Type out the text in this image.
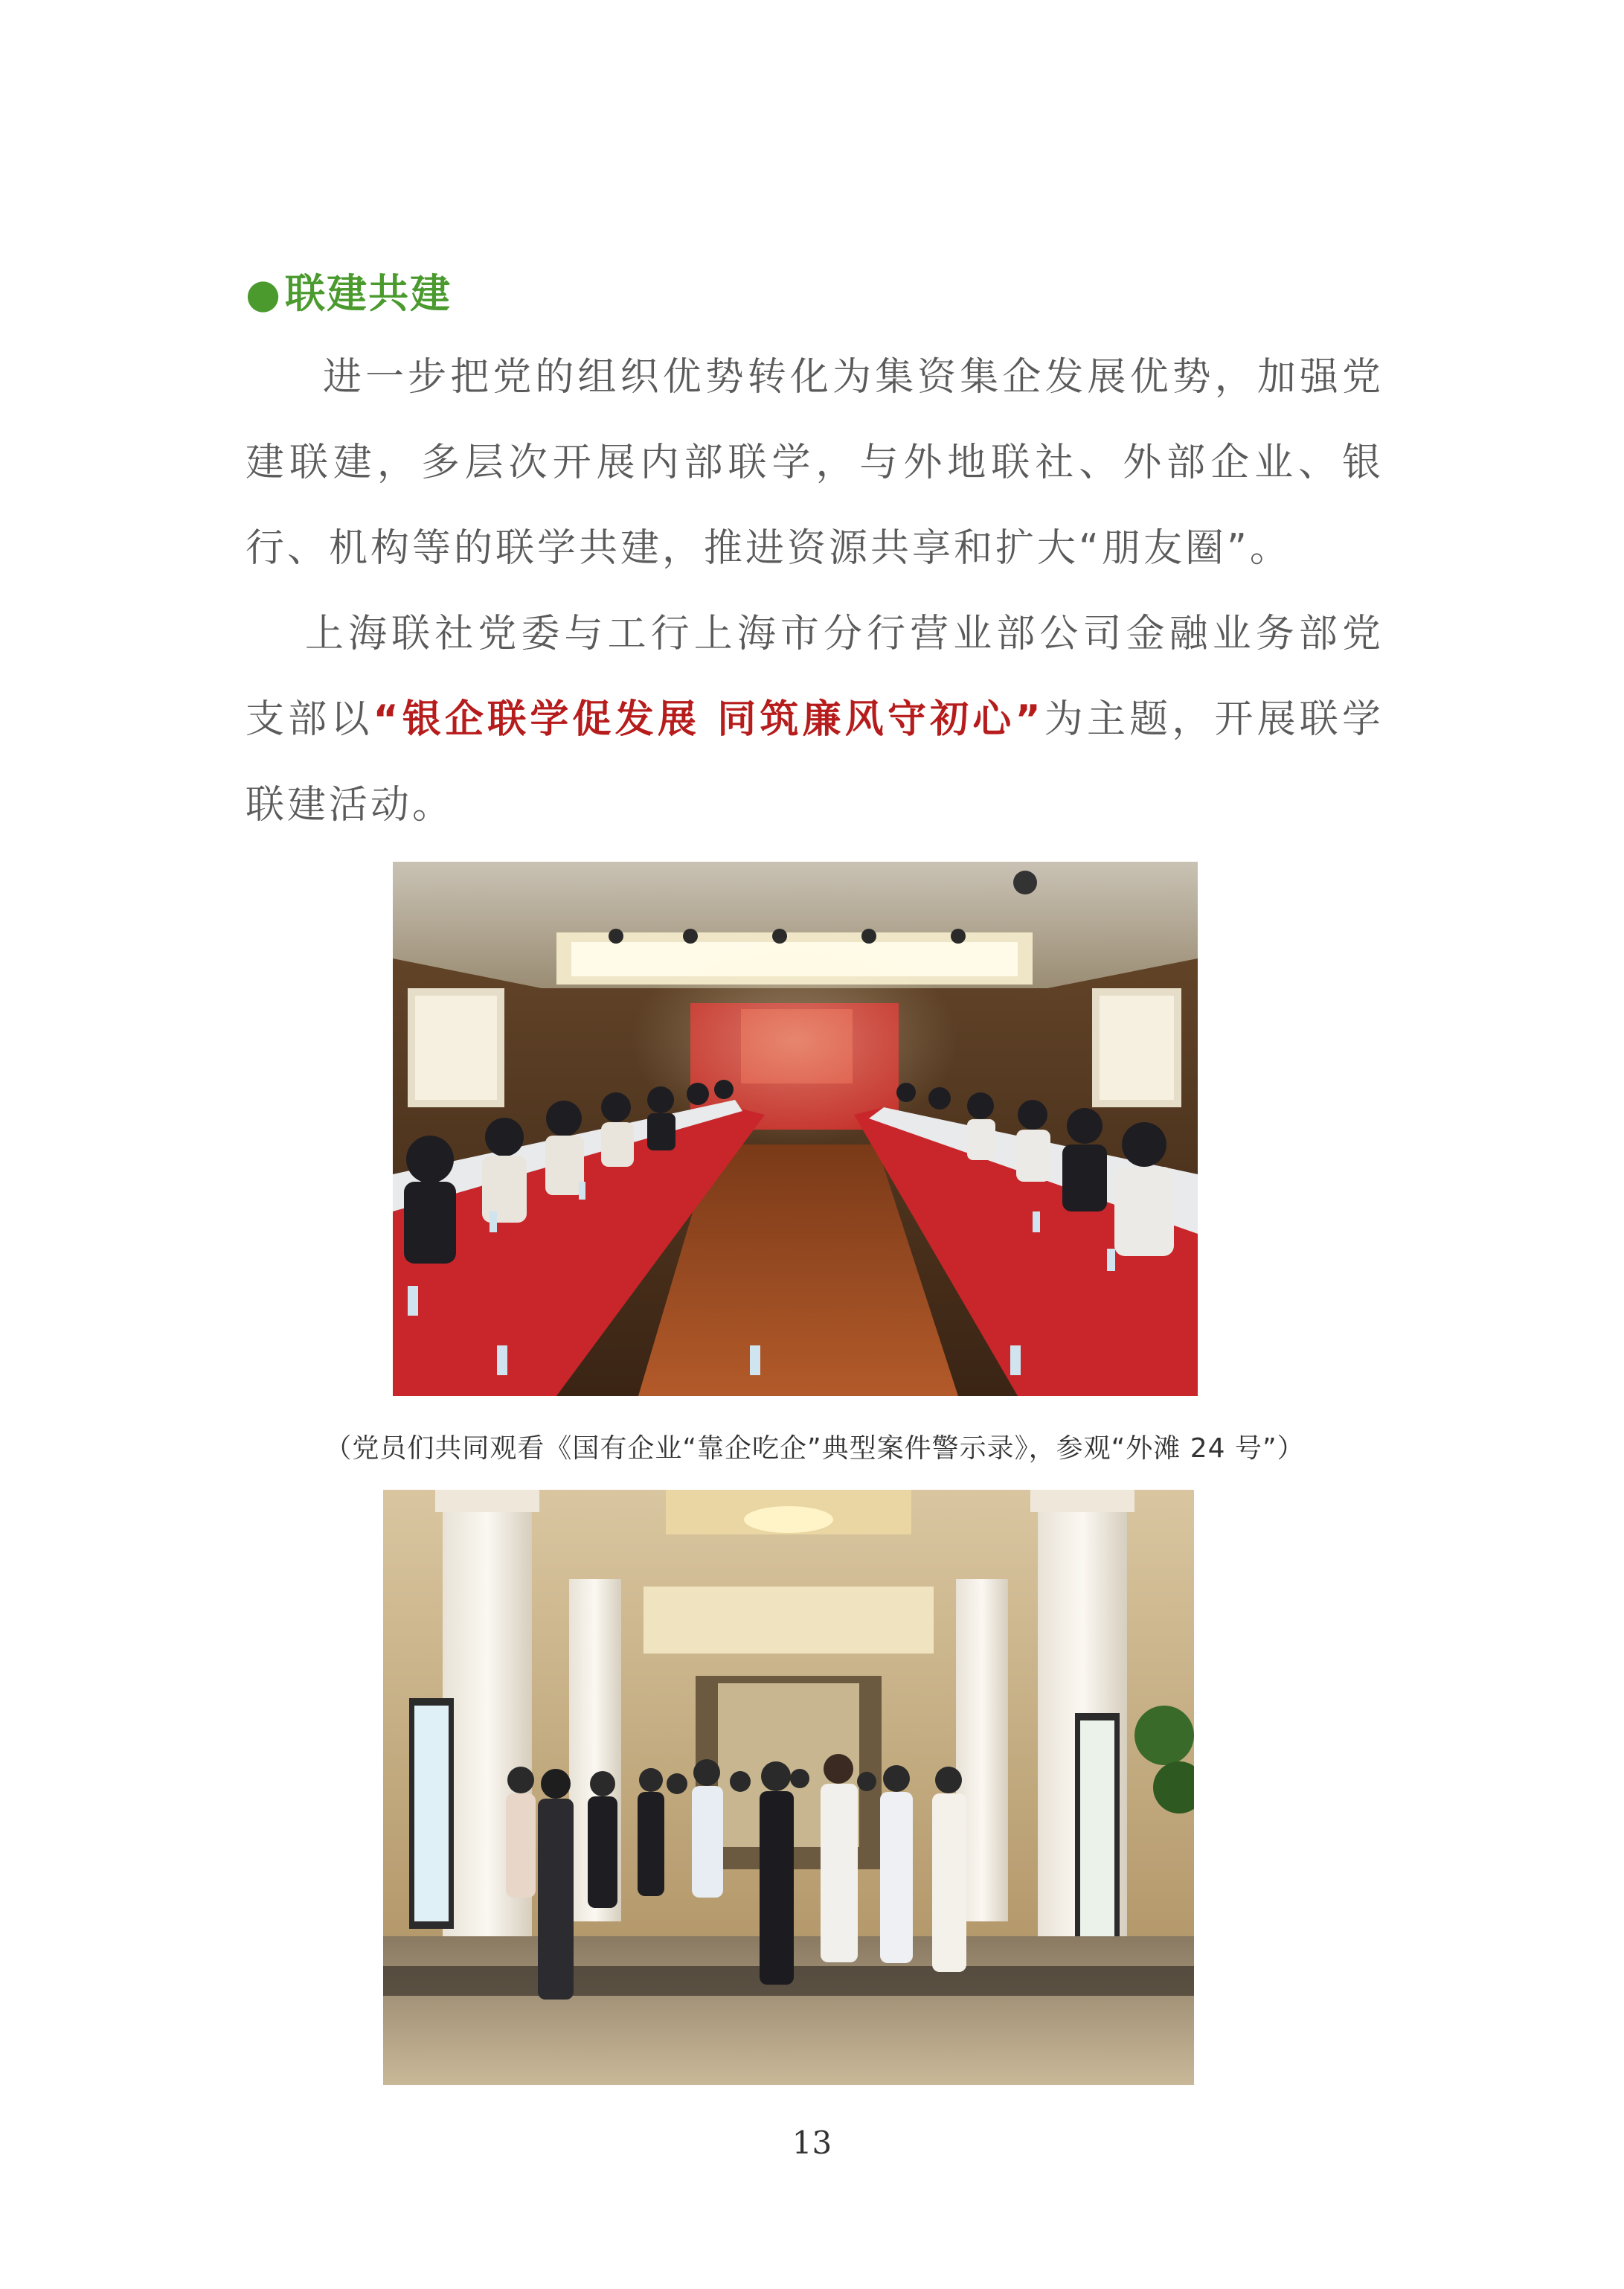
●联建共建
进一步把党的组织优势转化为集资集企发展优势，加强党建联建，多层次开展内部联学，与外地联社、外部企业、银行、机构等的联学共建，推进资源共享和扩大“朋友圈”。
上海联社党委与工行上海市分行营业部公司金融业务部党支部以“银企联学促发展 同筑廉风守初心”为主题，开展联学联建活动。
（党员们共同观看《国有企业“靠企吃企”典型案件警示录》，参观“外滩 24 号”）
13
